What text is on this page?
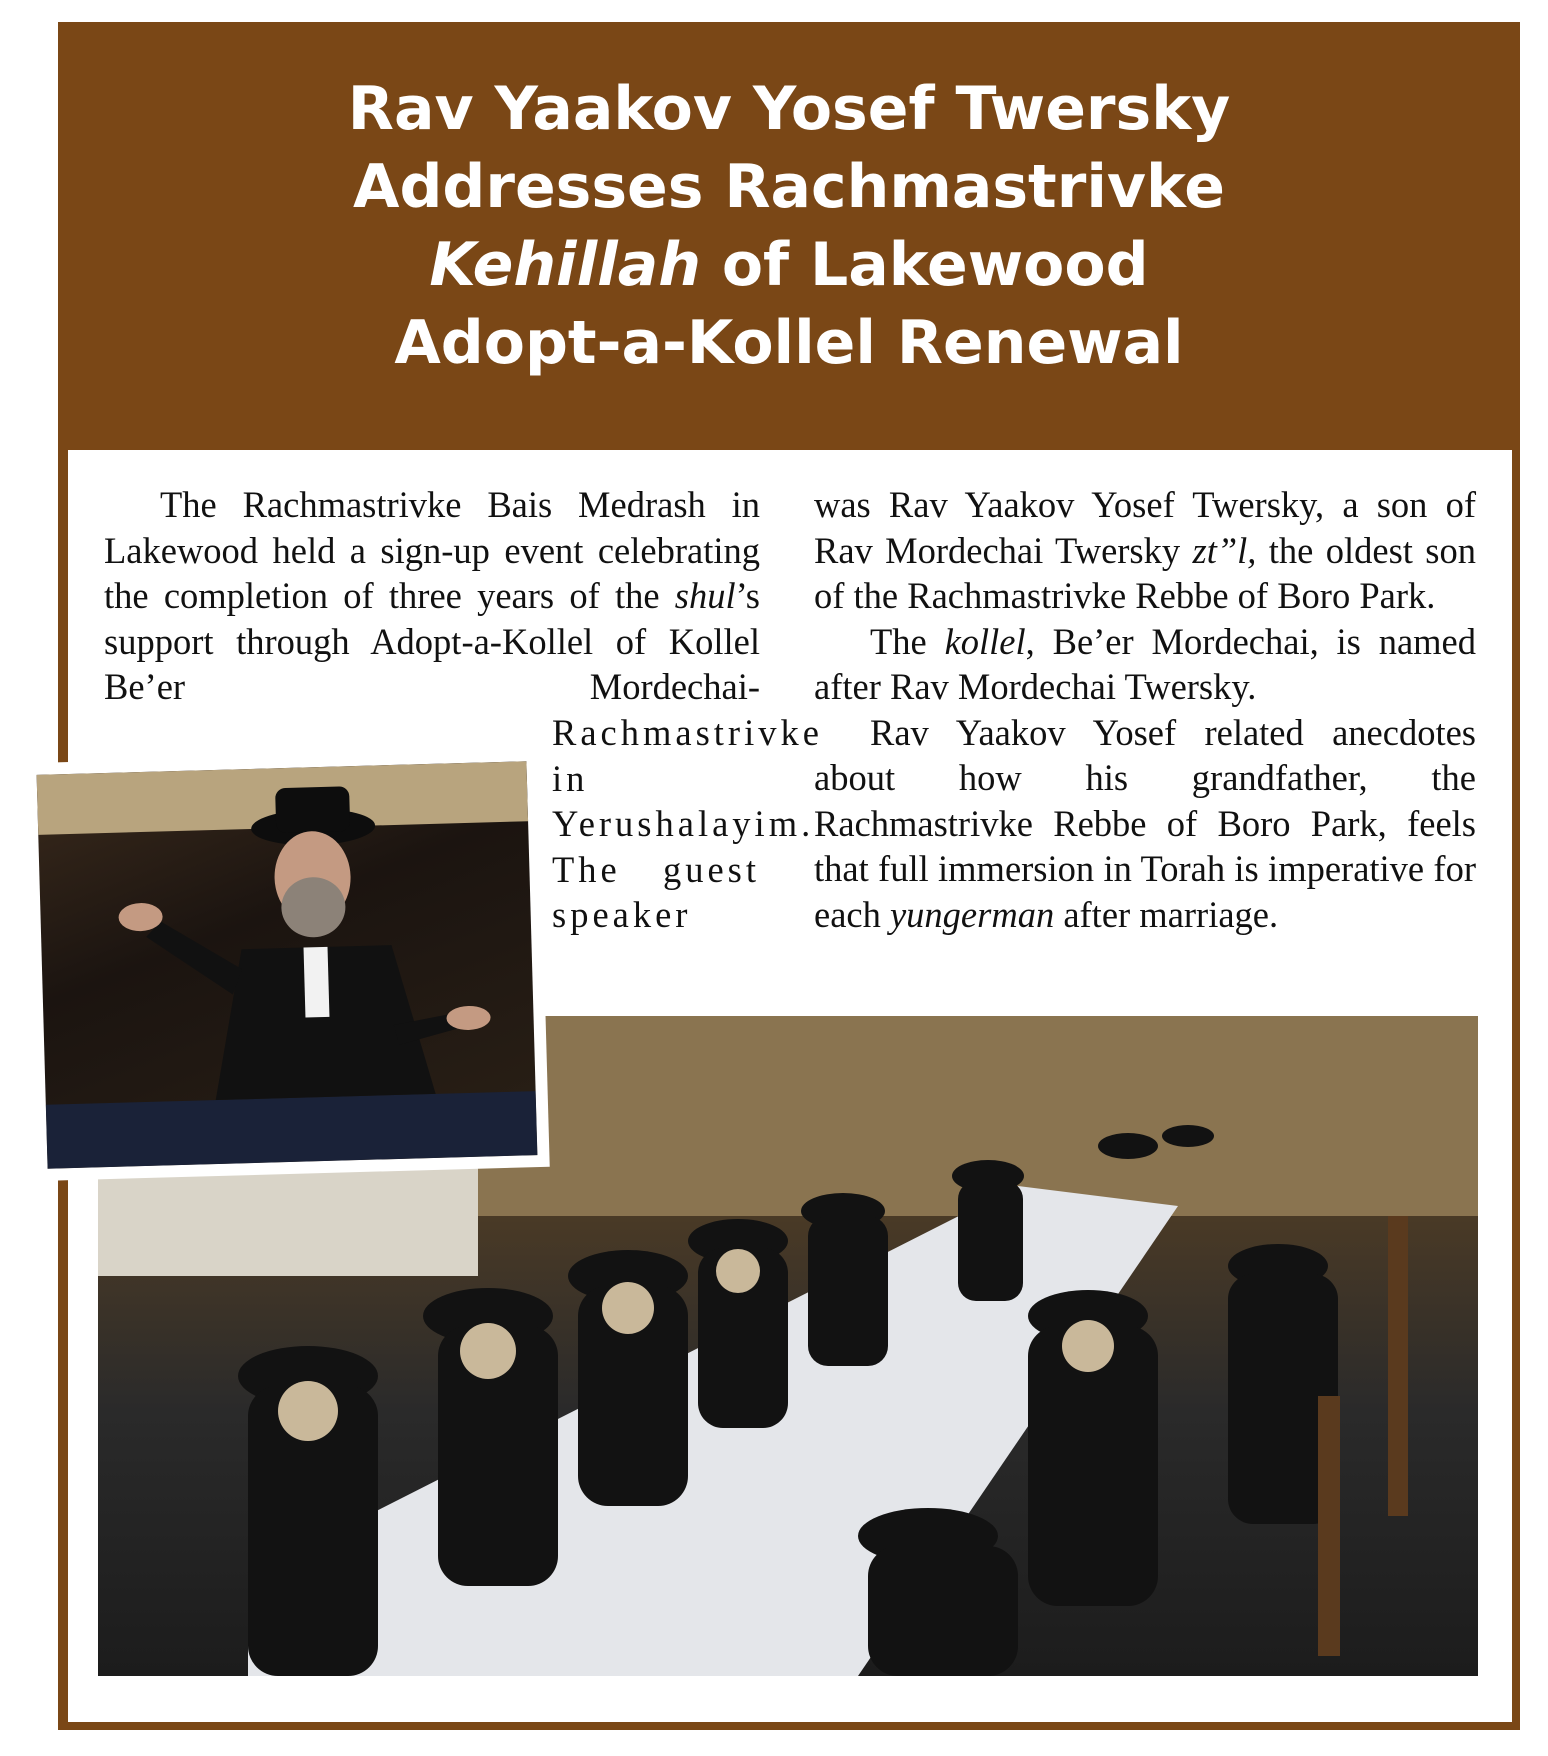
Rav Yaakov Yosef Twersky
Addresses Rachmastrivke
Kehillah of Lakewood
Adopt-a-Kollel Renewal

The Rachmastrivke Bais Medrash in Lakewood held a sign-up event celebrating the completion of three years of the shul’s support through Adopt-a-Kollel of Kollel Be’er Mordechai-

Rachmastrivke in Yerushalayim. The guest speaker

was Rav Yaakov Yosef Twersky, a son of Rav Mordechai Twersky zt”l, the oldest son of the Rachmastrivke Rebbe of Boro Park.

The kollel, Be’er Mordechai, is named after Rav Mordechai Twersky.

Rav Yaakov Yosef related anecdotes about how his grandfather, the Rachmastrivke Rebbe of Boro Park, feels that full immersion in Torah is imperative for each yungerman after marriage.
